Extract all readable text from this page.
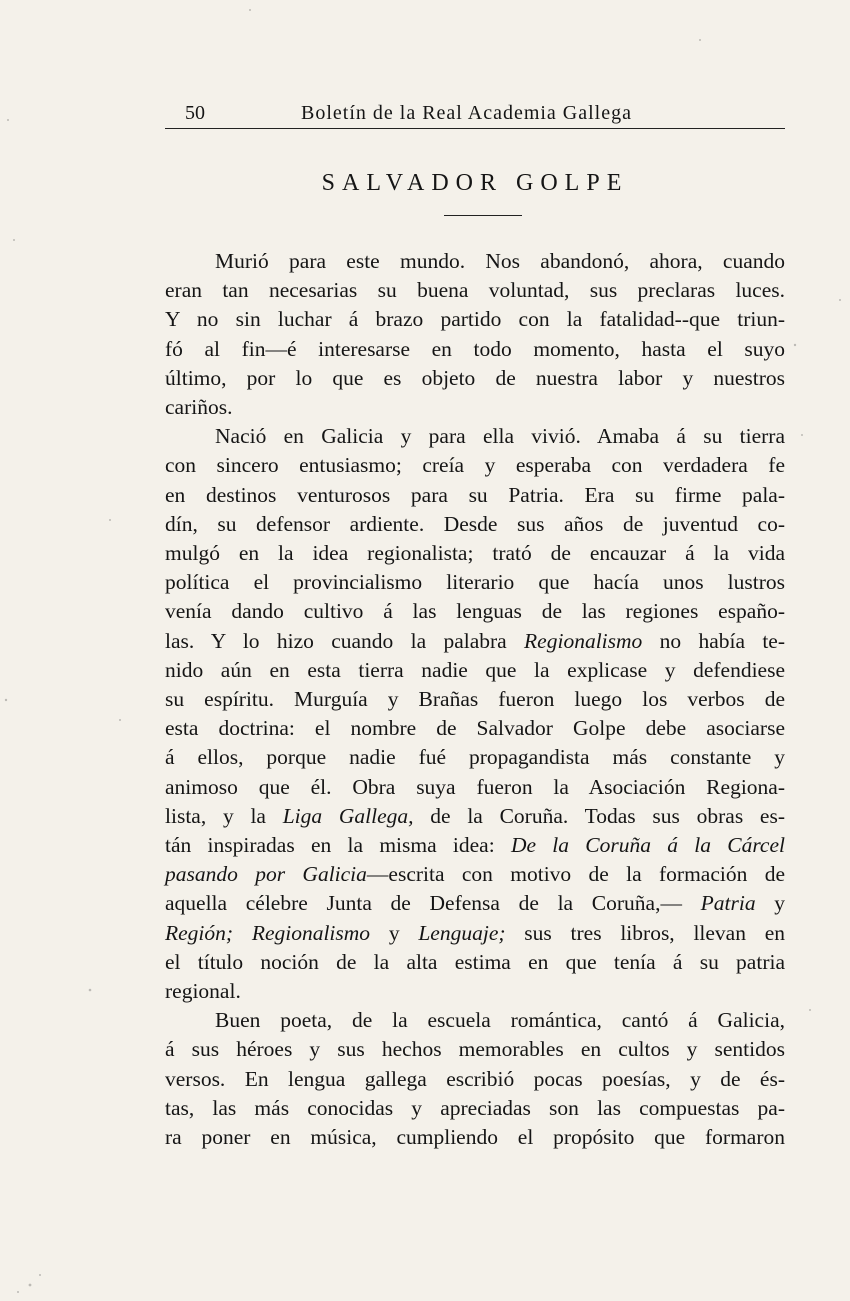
50	Boletín de la Real Academia Gallega
SALVADOR GOLPE
Murió para este mundo. Nos abandonó, ahora, cuando
eran tan necesarias su buena voluntad, sus preclaras luces.
Y no sin luchar á brazo partido con la fatalidad--que triun-
fó al fin—é interesarse en todo momento, hasta el suyo
último, por lo que es objeto de nuestra labor y nuestros
cariños.
Nació en Galicia y para ella vivió. Amaba á su tierra
con sincero entusiasmo; creía y esperaba con verdadera fe
en destinos venturosos para su Patria. Era su firme pala-
dín, su defensor ardiente. Desde sus años de juventud co-
mulgó en la idea regionalista; trató de encauzar á la vida
política el provincialismo literario que hacía unos lustros
venía dando cultivo á las lenguas de las regiones españo-
las. Y lo hizo cuando la palabra Regionalismo no había te-
nido aún en esta tierra nadie que la explicase y defendiese
su espíritu. Murguía y Brañas fueron luego los verbos de
esta doctrina: el nombre de Salvador Golpe debe asociarse
á ellos, porque nadie fué propagandista más constante y
animoso que él. Obra suya fueron la Asociación Regiona-
lista, y la Liga Gallega, de la Coruña. Todas sus obras es-
tán inspiradas en la misma idea: De la Coruña á la Cárcel
pasando por Galicia—escrita con motivo de la formación de
aquella célebre Junta de Defensa de la Coruña,— Patria y
Región; Regionalismo y Lenguaje; sus tres libros, llevan en
el título noción de la alta estima en que tenía á su patria
regional.
Buen poeta, de la escuela romántica, cantó á Galicia,
á sus héroes y sus hechos memorables en cultos y sentidos
versos. En lengua gallega escribió pocas poesías, y de és-
tas, las más conocidas y apreciadas son las compuestas pa-
ra poner en música, cumpliendo el propósito que formaron
